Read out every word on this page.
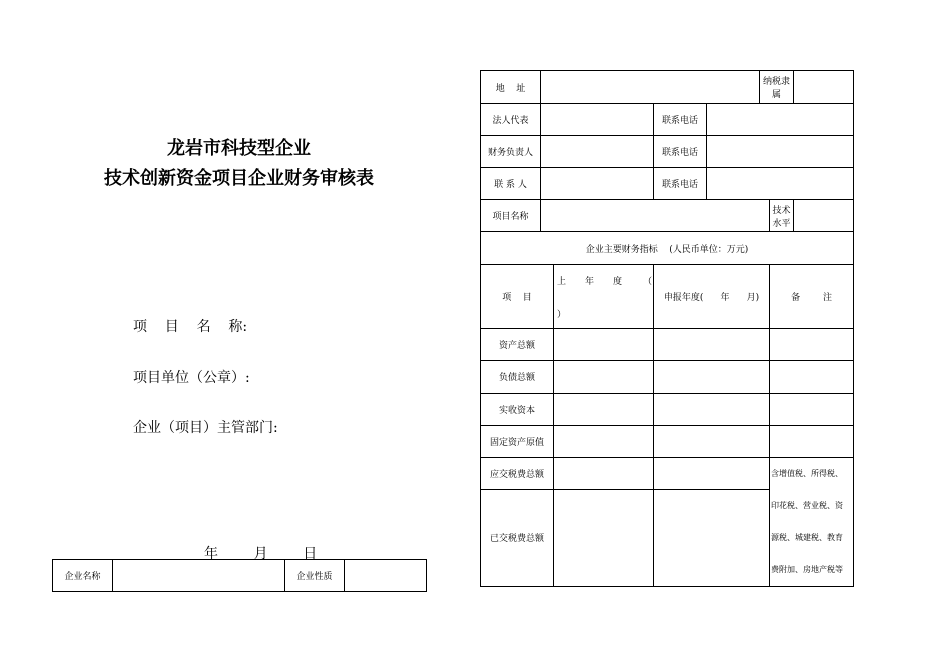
龙岩市科技型企业
技术创新资金项目企业财务审核表
项    目    名    称:
项目单位（公章）:
企业（项目）主管部门:
年        月        日
企业名称		企业性质	
地    址					纳税隶属		
法人代表			联系电话				
财务负责人			联系电话				
联 系 人			联系电话				
项目名称						技术水平	
企业主要财务指标    (人民币单位：万元)							
项    目		上 年 度 （
）	申报年度(      年      月)			备        注	
资产总额							
负债总额							
实收资本							
固定资产原值							
应交税费总额						含增值税、所得税、
印花税、营业税、资
源税、城建税、教育
费附加、房地产税等	

已交税费总额							
